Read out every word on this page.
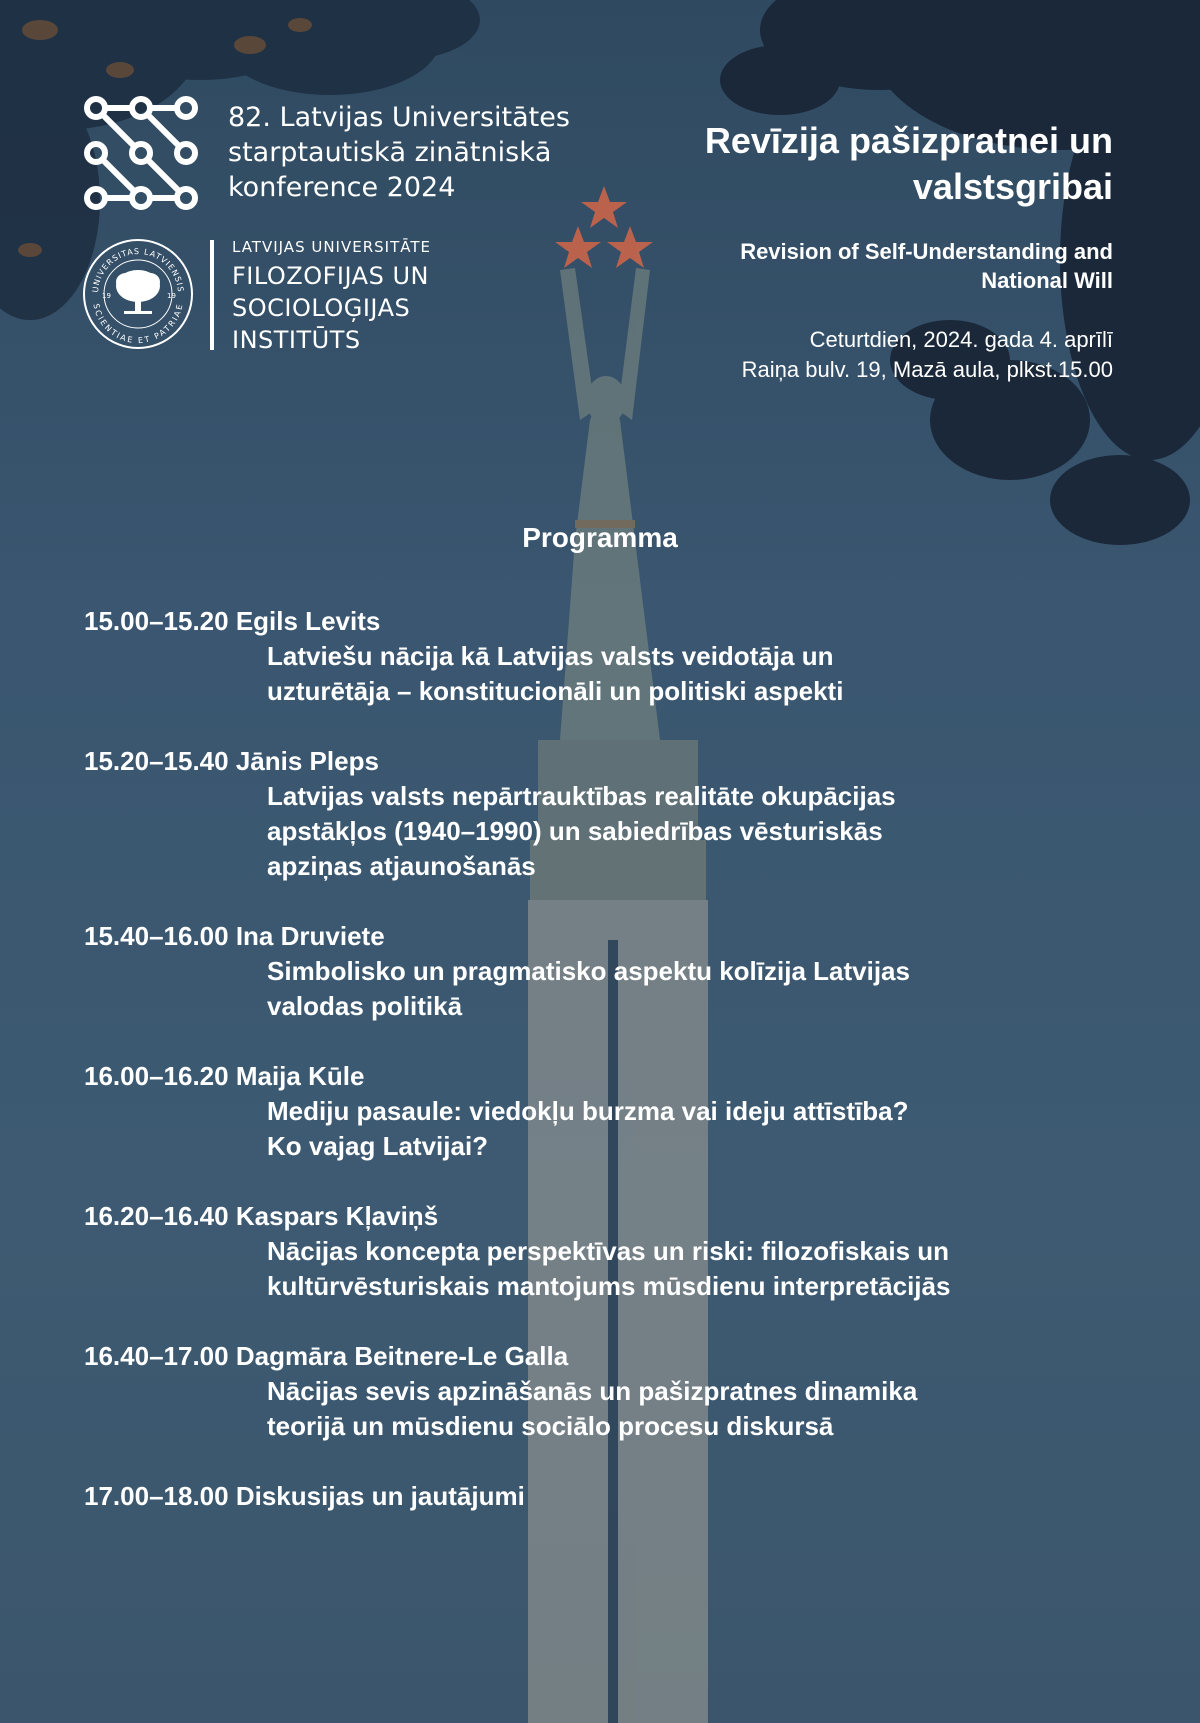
82. Latvijas Universitātes
starptautiskā zinātniskā
konference 2024
UNIVERSITAS LATVIENSIS
SCIENTIAE ET PATRIAE
19	19
LATVIJAS UNIVERSITĀTE
FILOZOFIJAS UN
SOCIOLOĢIJAS
INSTITŪTS
Revīzija pašizpratnei un
valstsgribai
Revision of Self-Understanding and
National Will
Ceturtdien, 2024. gada 4. aprīlī
Raiņa bulv. 19, Mazā aula, plkst.15.00
Programma
15.00–15.20 Egils Levits
Latviešu nācija kā Latvijas valsts veidotāja un
uzturētāja – konstitucionāli un politiski aspekti
15.20–15.40 Jānis Pleps
Latvijas valsts nepārtrauktības realitāte okupācijas
apstākļos (1940–1990) un sabiedrības vēsturiskās
apziņas atjaunošanās
15.40–16.00 Ina Druviete
Simbolisko un pragmatisko aspektu kolīzija Latvijas
valodas politikā
16.00–16.20 Maija Kūle
Mediju pasaule: viedokļu burzma vai ideju attīstība?
Ko vajag Latvijai?
16.20–16.40 Kaspars Kļaviņš
Nācijas koncepta perspektīvas un riski: filozofiskais un
kultūrvēsturiskais mantojums mūsdienu interpretācijās
16.40–17.00 Dagmāra Beitnere-Le Galla
Nācijas sevis apzināšanās un pašizpratnes dinamika
teorijā un mūsdienu sociālo procesu diskursā
17.00–18.00 Diskusijas un jautājumi
